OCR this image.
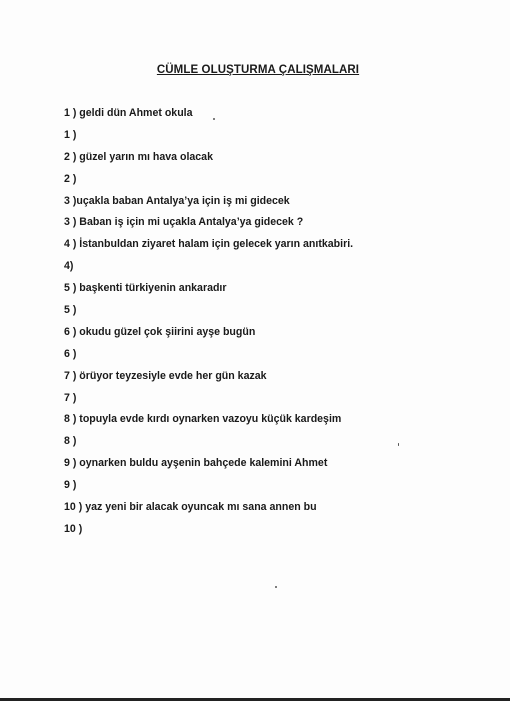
CÜMLE OLUŞTURMA ÇALIŞMALARI
1 ) geldi dün Ahmet okula
1 )
2 ) güzel yarın mı hava olacak
2 )
3 )uçakla baban Antalya’ya için iş mi gidecek
3 ) Baban iş için mi uçakla Antalya’ya gidecek ?
4 ) İstanbuldan ziyaret halam için gelecek yarın anıtkabiri.
4)
5 ) başkenti türkiyenin ankaradır
5 )
6 ) okudu güzel çok şiirini ayşe bugün
6 )
7 ) örüyor teyzesiyle evde her gün kazak
7 )
8 ) topuyla evde kırdı oynarken vazoyu küçük kardeşim
8 )
9 ) oynarken buldu ayşenin bahçede kalemini Ahmet
9 )
10 ) yaz yeni bir alacak oyuncak mı sana annen bu
10 )
